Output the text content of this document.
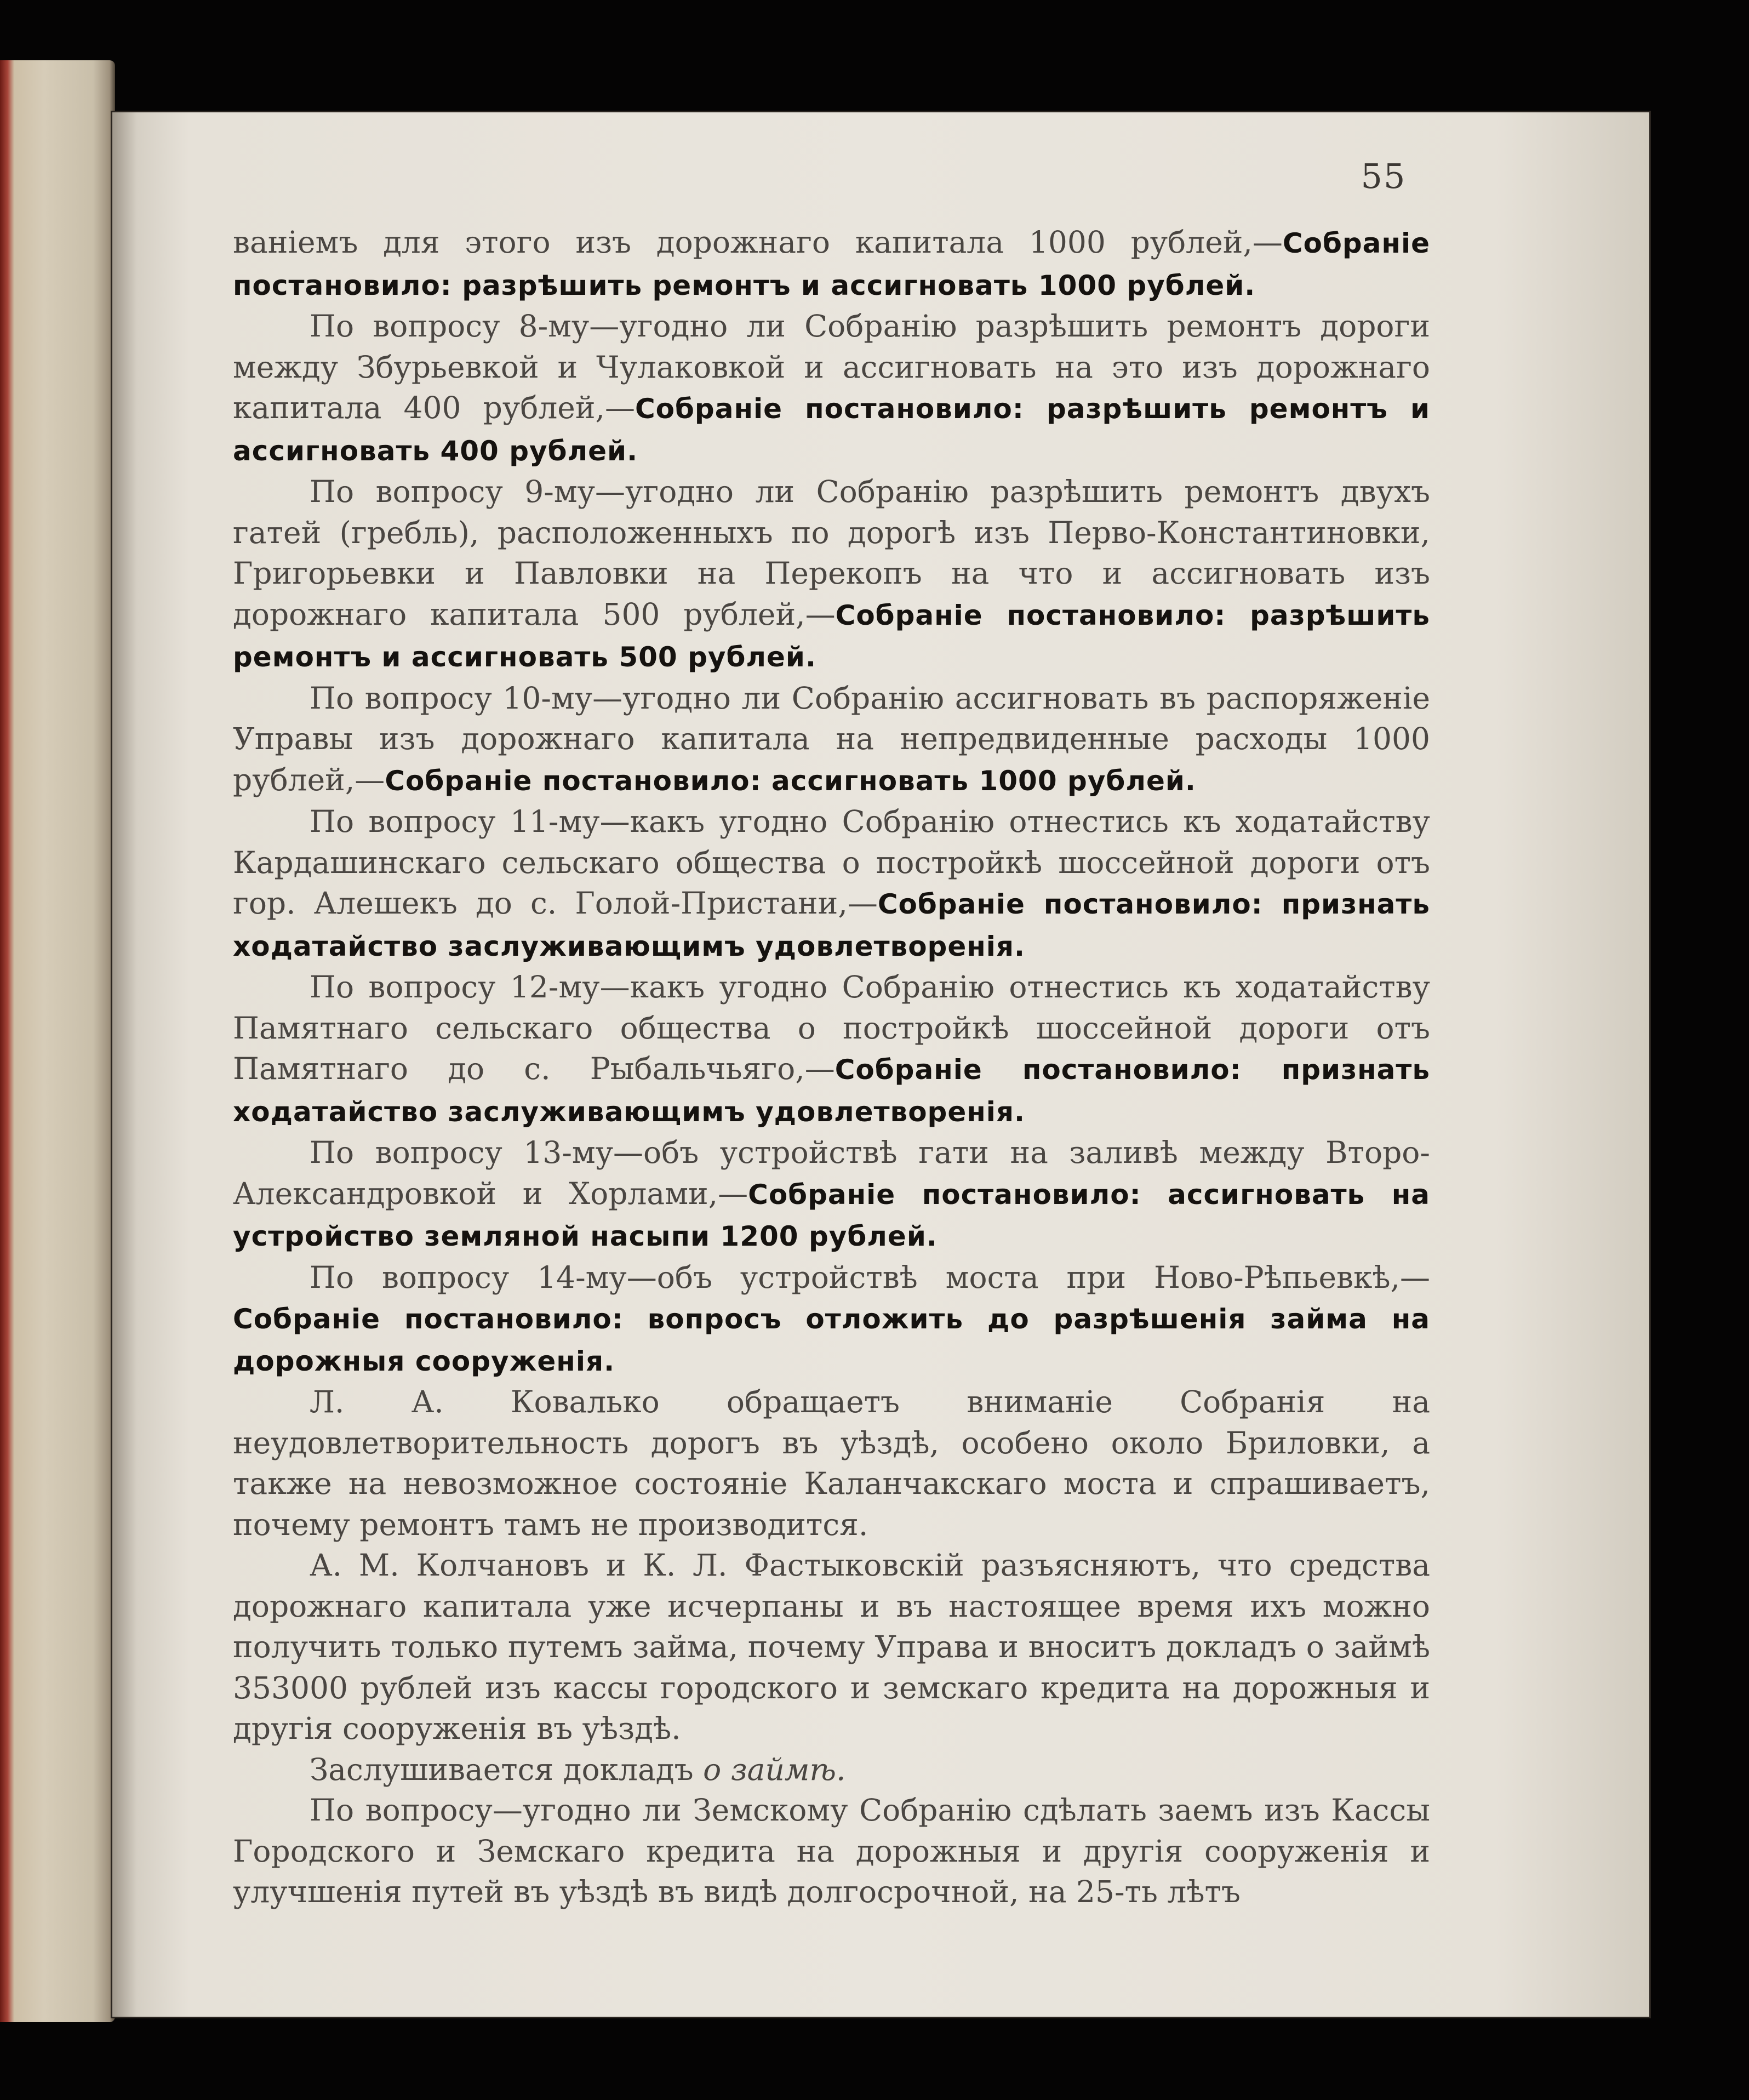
55

ваніемъ для этого изъ дорожнаго капитала 1000 рублей,—Собраніе постановило: разрѣшить ремонтъ и ассигновать 1000 рублей.

По вопросу 8-му—угодно ли Собранію разрѣшить ремонтъ дороги между Збурьевкой и Чулаковкой и ассигновать на это изъ дорожнаго капитала 400 рублей,—Собраніе постановило: разрѣшить ремонтъ и ассигновать 400 рублей.

По вопросу 9-му—угодно ли Собранію разрѣшить ремонтъ двухъ гатей (гребль), расположенныхъ по дорогѣ изъ Перво-Константиновки, Григорьевки и Павловки на Перекопъ на что и ассигновать изъ дорожнаго капитала 500 рублей,—Собраніе постановило: разрѣшить ремонтъ и ассигновать 500 рублей.

По вопросу 10-му—угодно ли Собранію ассигновать въ распоряженіе Управы изъ дорожнаго капитала на непредвиденные расходы 1000 рублей,—Собраніе постановило: ассигновать 1000 рублей.

По вопросу 11-му—какъ угодно Собранію отнестись къ ходатайству Кардашинскаго сельскаго общества о постройкѣ шоссейной дороги отъ гор. Алешекъ до с. Голой-Пристани,—Собраніе постановило: признать ходатайство заслуживающимъ удовлетворенія.

По вопросу 12-му—какъ угодно Собранію отнестись къ ходатайству Памятнаго сельскаго общества о постройкѣ шоссейной дороги отъ Памятнаго до с. Рыбальчьяго,—Собраніе постановило: признать ходатайство заслуживающимъ удовлетворенія.

По вопросу 13-му—объ устройствѣ гати на заливѣ между Второ-Александровкой и Хорлами,—Собраніе постановило: ассигновать на устройство земляной насыпи 1200 рублей.

По вопросу 14-му—объ устройствѣ моста при Ново-Рѣпьевкѣ,—Собраніе постановило: вопросъ отложить до разрѣшенія займа на дорожныя сооруженія.

Л. А. Ковалько обращаетъ вниманіе Собранія на неудовлетворительность дорогъ въ уѣздѣ, особено около Бриловки, а также на невозможное состояніе Каланчакскаго моста и спрашиваетъ, почему ремонтъ тамъ не производится.

А. М. Колчановъ и К. Л. Фастыковскій разъясняютъ, что средства дорожнаго капитала уже исчерпаны и въ настоящее время ихъ можно получить только путемъ займа, почему Управа и вноситъ докладъ о займѣ 353000 рублей изъ кассы городского и земскаго кредита на дорожныя и другія сооруженія въ уѣздѣ.

Заслушивается докладъ о займѣ.

По вопросу—угодно ли Земскому Собранію сдѣлать заемъ изъ Кассы Городского и Земскаго кредита на дорожныя и другія сооруженія и улучшенія путей въ уѣздѣ въ видѣ долгосрочной, на 25-ть лѣтъ
